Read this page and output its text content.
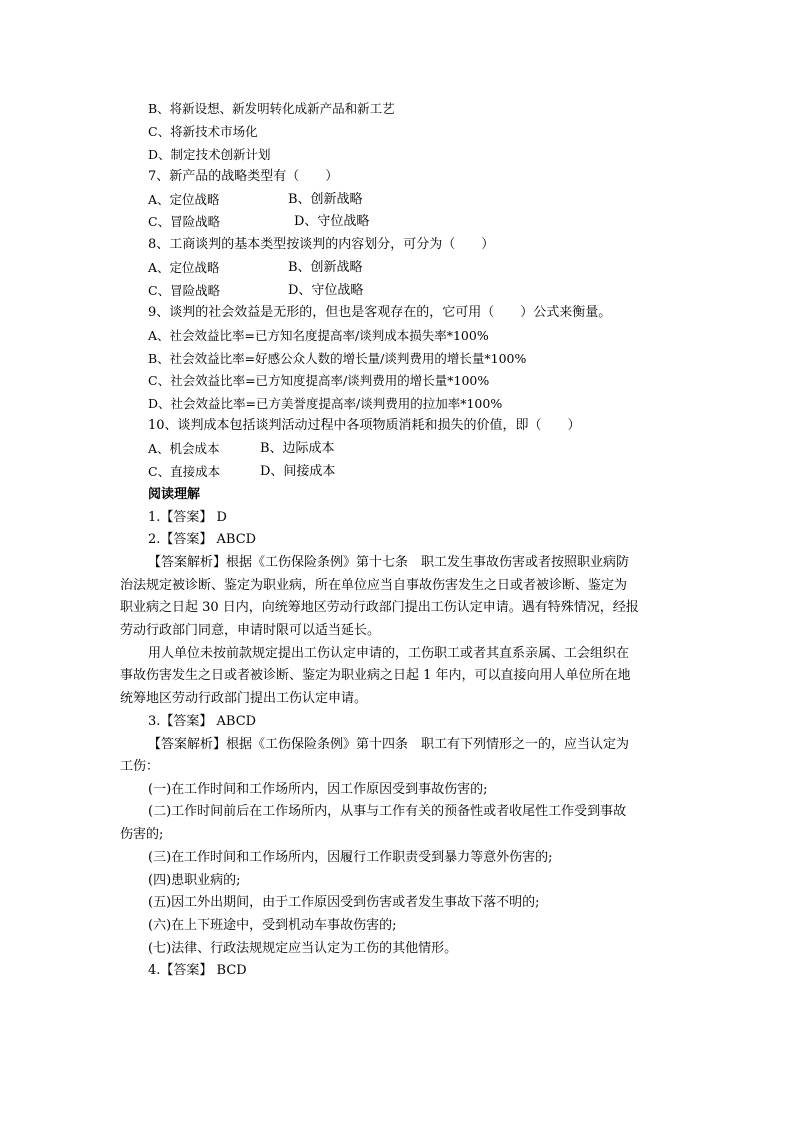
B、将新设想、新发明转化成新产品和新工艺
C、将新技术市场化
D、制定技术创新计划
7、新产品的战略类型有（　　）
A、定位战略	B、创新战略
C、冒险战略	D、守位战略
8、工商谈判的基本类型按谈判的内容划分，可分为（　　）
A、定位战略	B、创新战略
C、冒险战略	D、守位战略
9、谈判的社会效益是无形的，但也是客观存在的，它可用（　　）公式来衡量。
A、社会效益比率=已方知名度提高率/谈判成本损失率*100%
B、社会效益比率=好感公众人数的增长量/谈判费用的增长量*100%
C、社会效益比率=已方知度提高率/谈判费用的增长量*100%
D、社会效益比率=已方美誉度提高率/谈判费用的拉加率*100%
10、谈判成本包括谈判活动过程中各项物质消耗和损失的价值，即（　　）
A、机会成本	B、边际成本
C、直接成本	D、间接成本
阅读理解
1.【答案】 D
2.【答案】 ABCD
【答案解析】根据《工伤保险条例》第十七条　职工发生事故伤害或者按照职业病防
治法规定被诊断、鉴定为职业病，所在单位应当自事故伤害发生之日或者被诊断、鉴定为
职业病之日起 30 日内，向统筹地区劳动行政部门提出工伤认定申请。遇有特殊情况，经报
劳动行政部门同意，申请时限可以适当延长。
用人单位未按前款规定提出工伤认定申请的，工伤职工或者其直系亲属、工会组织在
事故伤害发生之日或者被诊断、鉴定为职业病之日起 1 年内，可以直接向用人单位所在地
统筹地区劳动行政部门提出工伤认定申请。
3.【答案】 ABCD
【答案解析】根据《工伤保险条例》第十四条　职工有下列情形之一的，应当认定为
工伤：
(一)在工作时间和工作场所内，因工作原因受到事故伤害的;
(二)工作时间前后在工作场所内，从事与工作有关的预备性或者收尾性工作受到事故
伤害的;
(三)在工作时间和工作场所内，因履行工作职责受到暴力等意外伤害的;
(四)患职业病的;
(五)因工外出期间，由于工作原因受到伤害或者发生事故下落不明的;
(六)在上下班途中，受到机动车事故伤害的;
(七)法律、行政法规规定应当认定为工伤的其他情形。
4.【答案】 BCD
